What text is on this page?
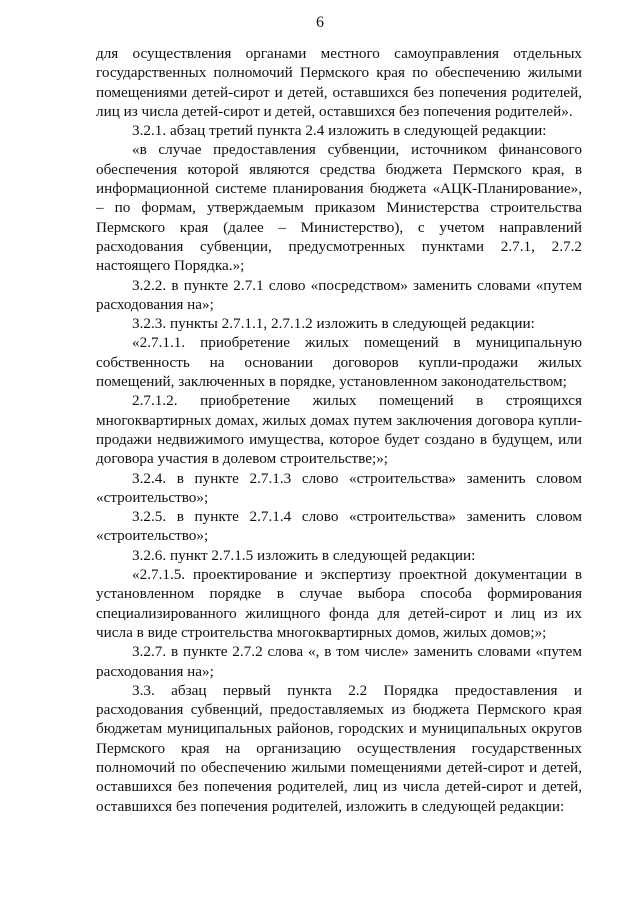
6

для осуществления органами местного самоуправления отдельных государственных полномочий Пермского края по обеспечению жилыми помещениями детей-сирот и детей, оставшихся без попечения родителей, лиц из числа детей-сирот и детей, оставшихся без попечения родителей».

3.2.1. абзац третий пункта 2.4 изложить в следующей редакции:

«в случае предоставления субвенции, источником финансового обеспечения которой являются средства бюджета Пермского края, в информационной системе планирования бюджета «АЦК-Планирование», – по формам, утверждаемым приказом Министерства строительства Пермского края (далее – Министерство), с учетом направлений расходования субвенции, предусмотренных пунктами 2.7.1, 2.7.2 настоящего Порядка.»;

3.2.2. в пункте 2.7.1 слово «посредством» заменить словами «путем расходования на»;

3.2.3. пункты 2.7.1.1, 2.7.1.2 изложить в следующей редакции:

«2.7.1.1. приобретение жилых помещений в муниципальную собственность на основании договоров купли-продажи жилых помещений, заключенных в порядке, установленном законодательством;

2.7.1.2. приобретение жилых помещений в строящихся многоквартирных домах, жилых домах путем заключения договора купли-продажи недвижимого имущества, которое будет создано в будущем, или договора участия в долевом строительстве;»;

3.2.4. в пункте 2.7.1.3 слово «строительства» заменить словом «строительство»;

3.2.5. в пункте 2.7.1.4 слово «строительства» заменить словом «строительство»;

3.2.6. пункт 2.7.1.5 изложить в следующей редакции:

«2.7.1.5. проектирование и экспертизу проектной документации в установленном порядке в случае выбора способа формирования специализированного жилищного фонда для детей-сирот и лиц из их числа в виде строительства многоквартирных домов, жилых домов;»;

3.2.7. в пункте 2.7.2 слова «, в том числе» заменить словами «путем расходования на»;

3.3. абзац первый пункта 2.2 Порядка предоставления и расходования субвенций, предоставляемых из бюджета Пермского края бюджетам муниципальных районов, городских и муниципальных округов Пермского края на организацию осуществления государственных полномочий по обеспечению жилыми помещениями детей-сирот и детей, оставшихся без попечения родителей, лиц из числа детей-сирот и детей, оставшихся без попечения родителей, изложить в следующей редакции:
